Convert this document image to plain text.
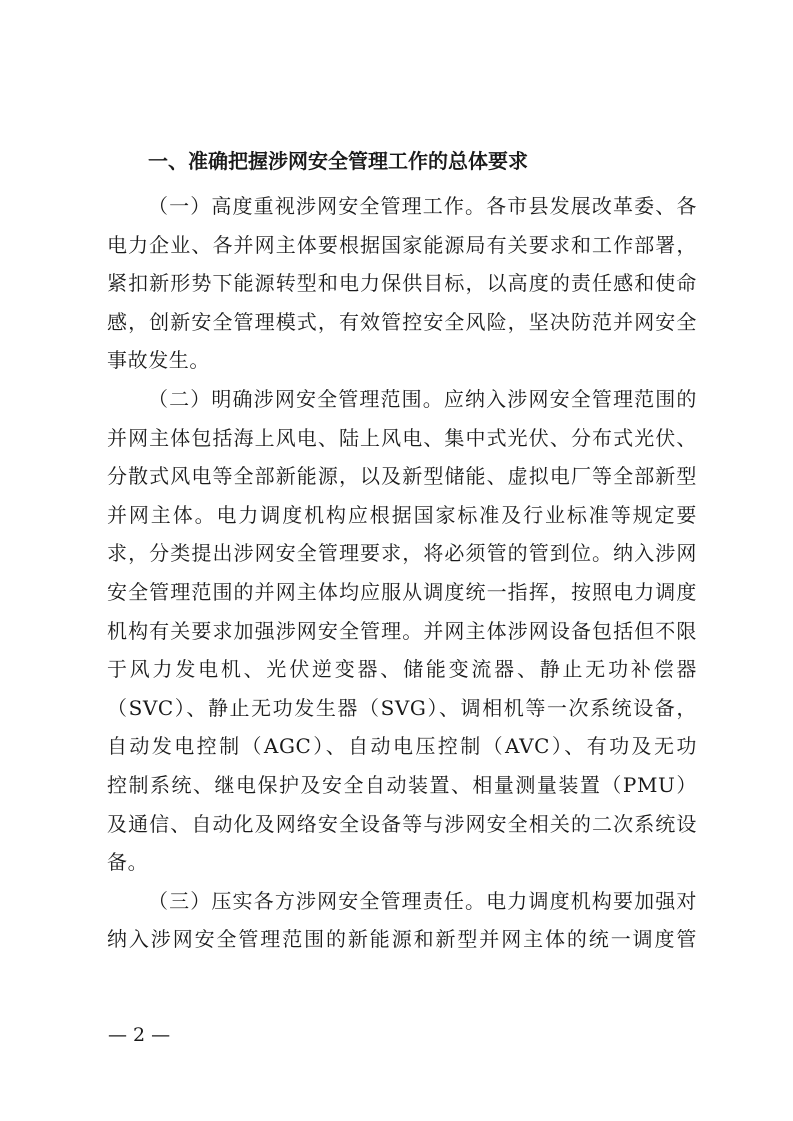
一、准确把握涉网安全管理工作的总体要求
（一）高度重视涉网安全管理工作。各市县发展改革委、各
电力企业、各并网主体要根据国家能源局有关要求和工作部署，
紧扣新形势下能源转型和电力保供目标，以高度的责任感和使命
感，创新安全管理模式，有效管控安全风险，坚决防范并网安全
事故发生。
（二）明确涉网安全管理范围。应纳入涉网安全管理范围的
并网主体包括海上风电、陆上风电、集中式光伏、分布式光伏、
分散式风电等全部新能源，以及新型储能、虚拟电厂等全部新型
并网主体。电力调度机构应根据国家标准及行业标准等规定要
求，分类提出涉网安全管理要求，将必须管的管到位。纳入涉网
安全管理范围的并网主体均应服从调度统一指挥，按照电力调度
机构有关要求加强涉网安全管理。并网主体涉网设备包括但不限
于风力发电机、光伏逆变器、储能变流器、静止无功补偿器
（SVC）、静止无功发生器（SVG）、调相机等一次系统设备，
自动发电控制（AGC）、自动电压控制（AVC）、有功及无功
控制系统、继电保护及安全自动装置、相量测量装置（PMU）
及通信、自动化及网络安全设备等与涉网安全相关的二次系统设
备。
（三）压实各方涉网安全管理责任。电力调度机构要加强对
纳入涉网安全管理范围的新能源和新型并网主体的统一调度管
— 2 —
